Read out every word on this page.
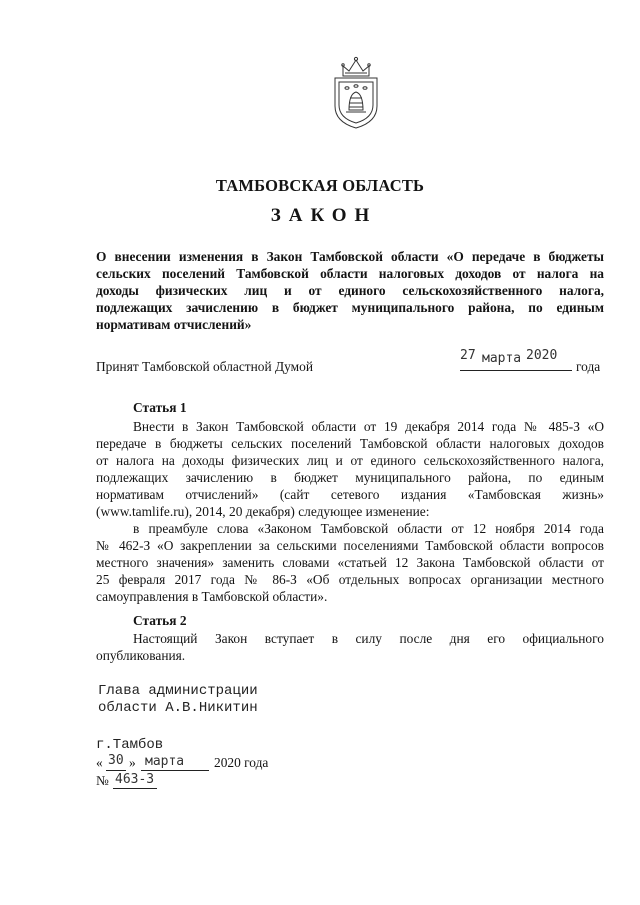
ТАМБОВСКАЯ ОБЛАСТЬ
ЗАКОН
О внесении изменения в Закон Тамбовской области «О передаче в бюджеты
сельских поселений Тамбовской области налоговых доходов от налога на
доходы физических лиц и от единого сельскохозяйственного налога,
подлежащих зачислению в бюджет муниципального района, по единым
нормативам отчислений»
Принят Тамбовской областной Думой
27 марта 2020
года
Статья 1
Внести в Закон Тамбовской области от 19 декабря 2014 года № 485-З «О
передаче в бюджеты сельских поселений Тамбовской области налоговых доходов
от налога на доходы физических лиц и от единого сельскохозяйственного налога,
подлежащих зачислению в бюджет муниципального района, по единым
нормативам отчислений» (сайт сетевого издания «Тамбовская жизнь»
(www.tamlife.ru), 2014, 20 декабря) следующее изменение:
в преамбуле слова «Законом Тамбовской области от 12 ноября 2014 года
№ 462-З «О закреплении за сельскими поселениями Тамбовской области вопросов
местного значения» заменить словами «статьей 12 Закона Тамбовской области от
25 февраля 2017 года № 86-З «Об отдельных вопросах организации местного
самоуправления в Тамбовской области».
Статья 2
Настоящий Закон вступает в силу после дня его официального
опубликования.
Глава администрации
области А.В.Никитин
г.Тамбов
« 30 » марта 2020 года
№ 463-З
